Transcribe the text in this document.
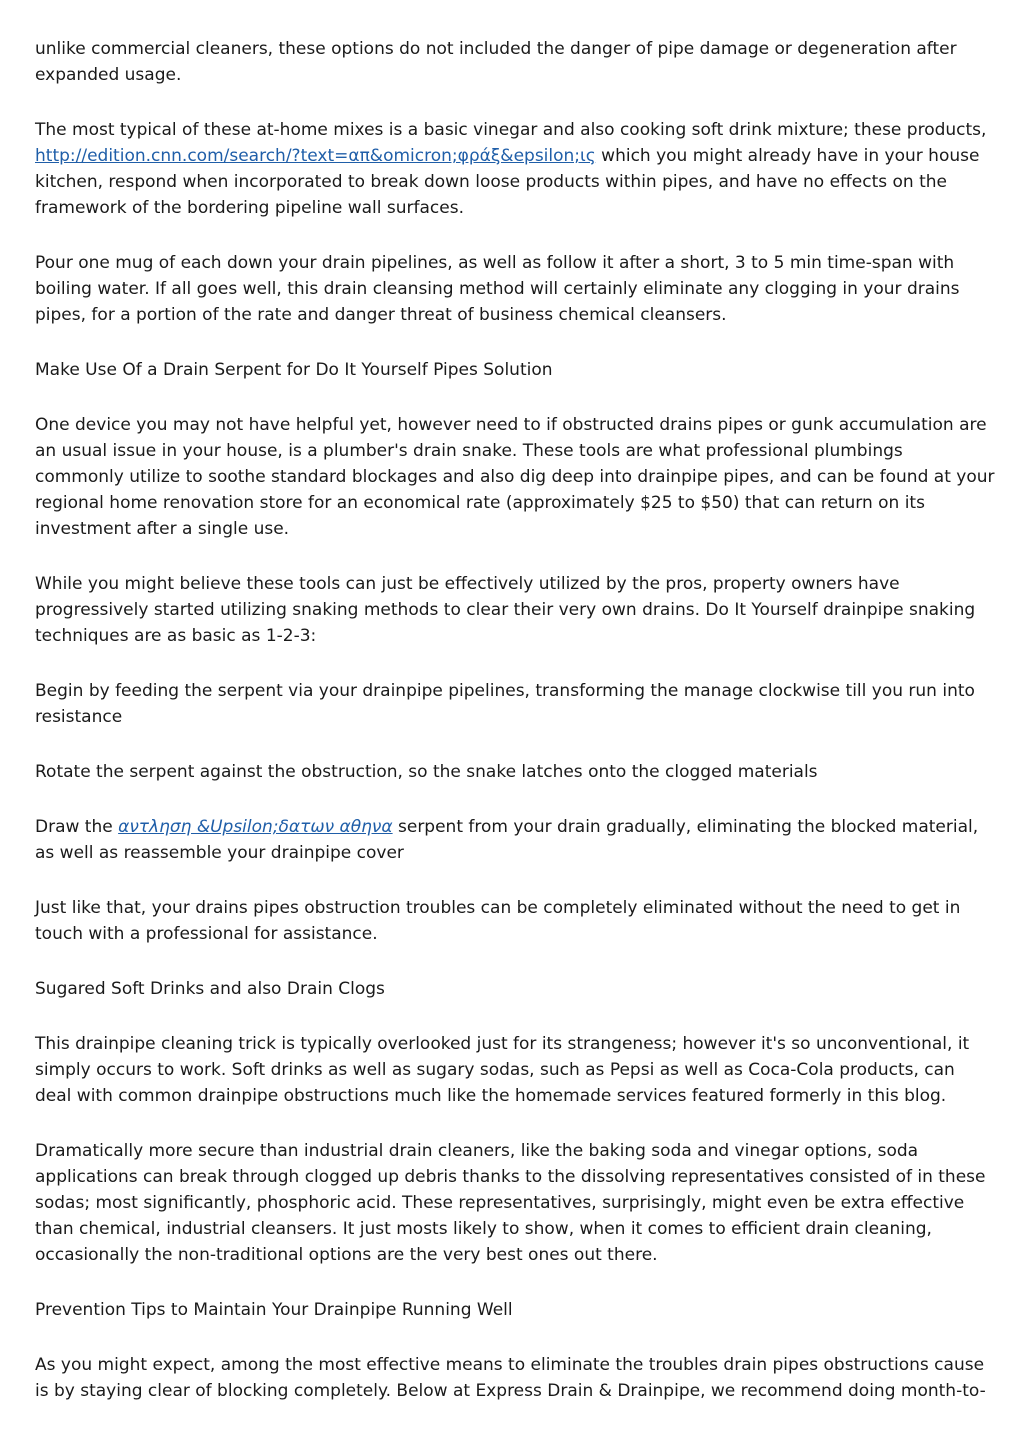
unlike commercial cleaners, these options do not included the danger of pipe damage or degeneration after expanded usage.

The most typical of these at-home mixes is a basic vinegar and also cooking soft drink mixture; these products, http://edition.cnn.com/search/?text=απ&omicron;φράξ&epsilon;ις which you might already have in your house kitchen, respond when incorporated to break down loose products within pipes, and have no effects on the framework of the bordering pipeline wall surfaces.

Pour one mug of each down your drain pipelines, as well as follow it after a short, 3 to 5 min time-span with boiling water. If all goes well, this drain cleansing method will certainly eliminate any clogging in your drains pipes, for a portion of the rate and danger threat of business chemical cleansers.

Make Use Of a Drain Serpent for Do It Yourself Pipes Solution

One device you may not have helpful yet, however need to if obstructed drains pipes or gunk accumulation are an usual issue in your house, is a plumber's drain snake. These tools are what professional plumbings commonly utilize to soothe standard blockages and also dig deep into drainpipe pipes, and can be found at your regional home renovation store for an economical rate (approximately $25 to $50) that can return on its investment after a single use.

While you might believe these tools can just be effectively utilized by the pros, property owners have progressively started utilizing snaking methods to clear their very own drains. Do It Yourself drainpipe snaking techniques are as basic as 1-2-3:

Begin by feeding the serpent via your drainpipe pipelines, transforming the manage clockwise till you run into resistance

Rotate the serpent against the obstruction, so the snake latches onto the clogged materials

Draw the αντληση &Upsilon;δατων αθηνα serpent from your drain gradually, eliminating the blocked material, as well as reassemble your drainpipe cover

Just like that, your drains pipes obstruction troubles can be completely eliminated without the need to get in touch with a professional for assistance.

Sugared Soft Drinks and also Drain Clogs

This drainpipe cleaning trick is typically overlooked just for its strangeness; however it's so unconventional, it simply occurs to work. Soft drinks as well as sugary sodas, such as Pepsi as well as Coca-Cola products, can deal with common drainpipe obstructions much like the homemade services featured formerly in this blog.

Dramatically more secure than industrial drain cleaners, like the baking soda and vinegar options, soda applications can break through clogged up debris thanks to the dissolving representatives consisted of in these sodas; most significantly, phosphoric acid. These representatives, surprisingly, might even be extra effective than chemical, industrial cleansers. It just mosts likely to show, when it comes to efficient drain cleaning, occasionally the non-traditional options are the very best ones out there.

Prevention Tips to Maintain Your Drainpipe Running Well

As you might expect, among the most effective means to eliminate the troubles drain pipes obstructions cause is by staying clear of blocking completely. Below at Express Drain & Drainpipe, we recommend doing month-to-
